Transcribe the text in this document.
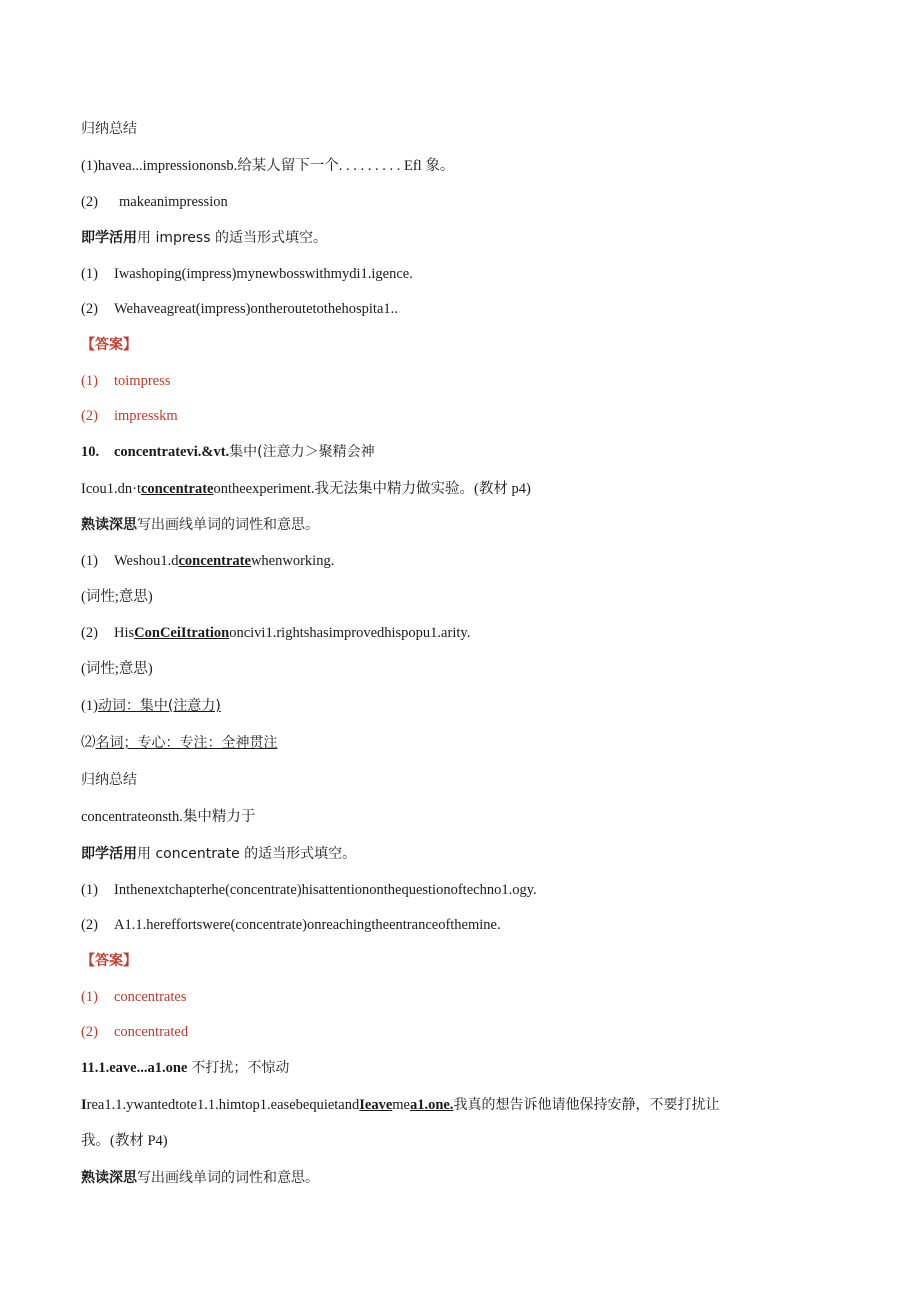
归纳总结
(1)havea...impressiononsb.给某人留下一个. . . . . . . . . Efl 象。
(2) makeanimpression
即学活用用 impress 的适当形式填空。
(1) Iwashoping(impress)mynewbosswithmydi1.igence.
(2) Wehaveagreat(impress)ontheroutetothehospita1..
【答案】
(1) toimpress
(2) impresskm
10. concentratevi.&vt.集中(注意力＞聚精会神
Icou1.dn·tconcentrateontheexperiment.我无法集中精力做实验。(教材 p4)
熟读深思写出画线单词的词性和意思。
(1) Weshou1.dconcentratewhenworking.
(词性;意思)
(2) HisConCeiItrationoncivi1.rightshasimprovedhispopu1.arity.
(词性;意思)
(1)动词：集中(注意力)
⑵名词；专心：专注：全神贯注
归纳总结
concentrateonsth.集中精力于
即学活用用 concentrate 的适当形式填空。
(1) Inthenextchapterhe(concentrate)hisattentiononthequestionoftechno1.ogy.
(2) A1.1.hereffortswere(concentrate)onreachingtheentranceofthemine.
【答案】
(1) concentrates
(2) concentrated
11.1.eave...a1.one 不打扰；不惊动
Irea1.1.ywantedtote1.1.himtop1.easebequietandIeavemea1.one.我真的想告诉他请他保持安静，不要打扰让
我。(教材 P4)
熟读深思写出画线单词的词性和意思。
